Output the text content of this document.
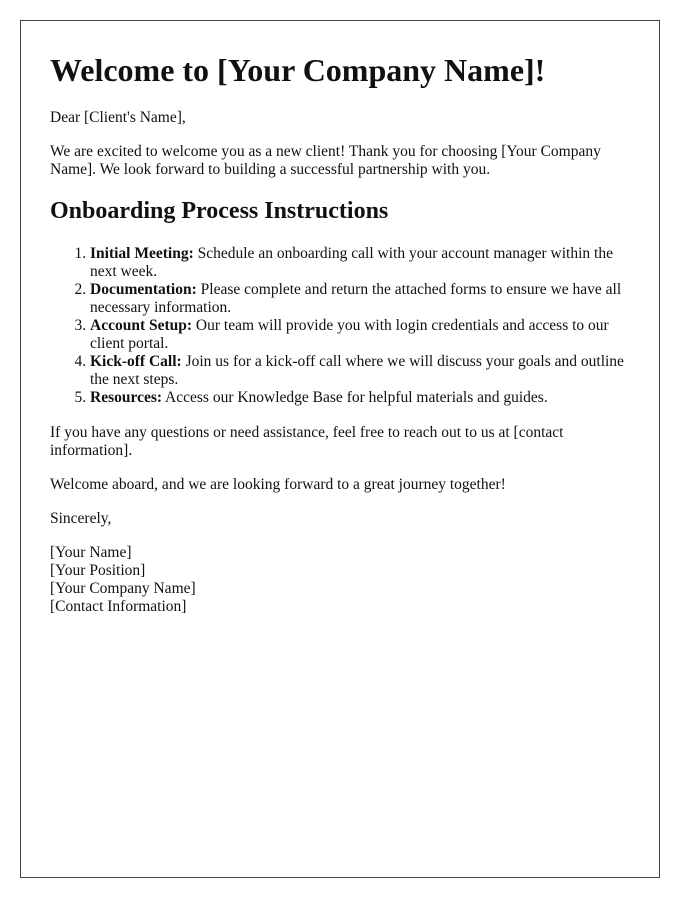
Welcome to [Your Company Name]!

Dear [Client's Name],

We are excited to welcome you as a new client! Thank you for choosing [Your Company Name]. We look forward to building a successful partnership with you.

Onboarding Process Instructions
1. Initial Meeting: Schedule an onboarding call with your account manager within the next week.
2. Documentation: Please complete and return the attached forms to ensure we have all necessary information.
3. Account Setup: Our team will provide you with login credentials and access to our client portal.
4. Kick-off Call: Join us for a kick-off call where we will discuss your goals and outline the next steps.
5. Resources: Access our Knowledge Base for helpful materials and guides.

If you have any questions or need assistance, feel free to reach out to us at [contact information].

Welcome aboard, and we are looking forward to a great journey together!

Sincerely,

[Your Name]
[Your Position]
[Your Company Name]
[Contact Information]
